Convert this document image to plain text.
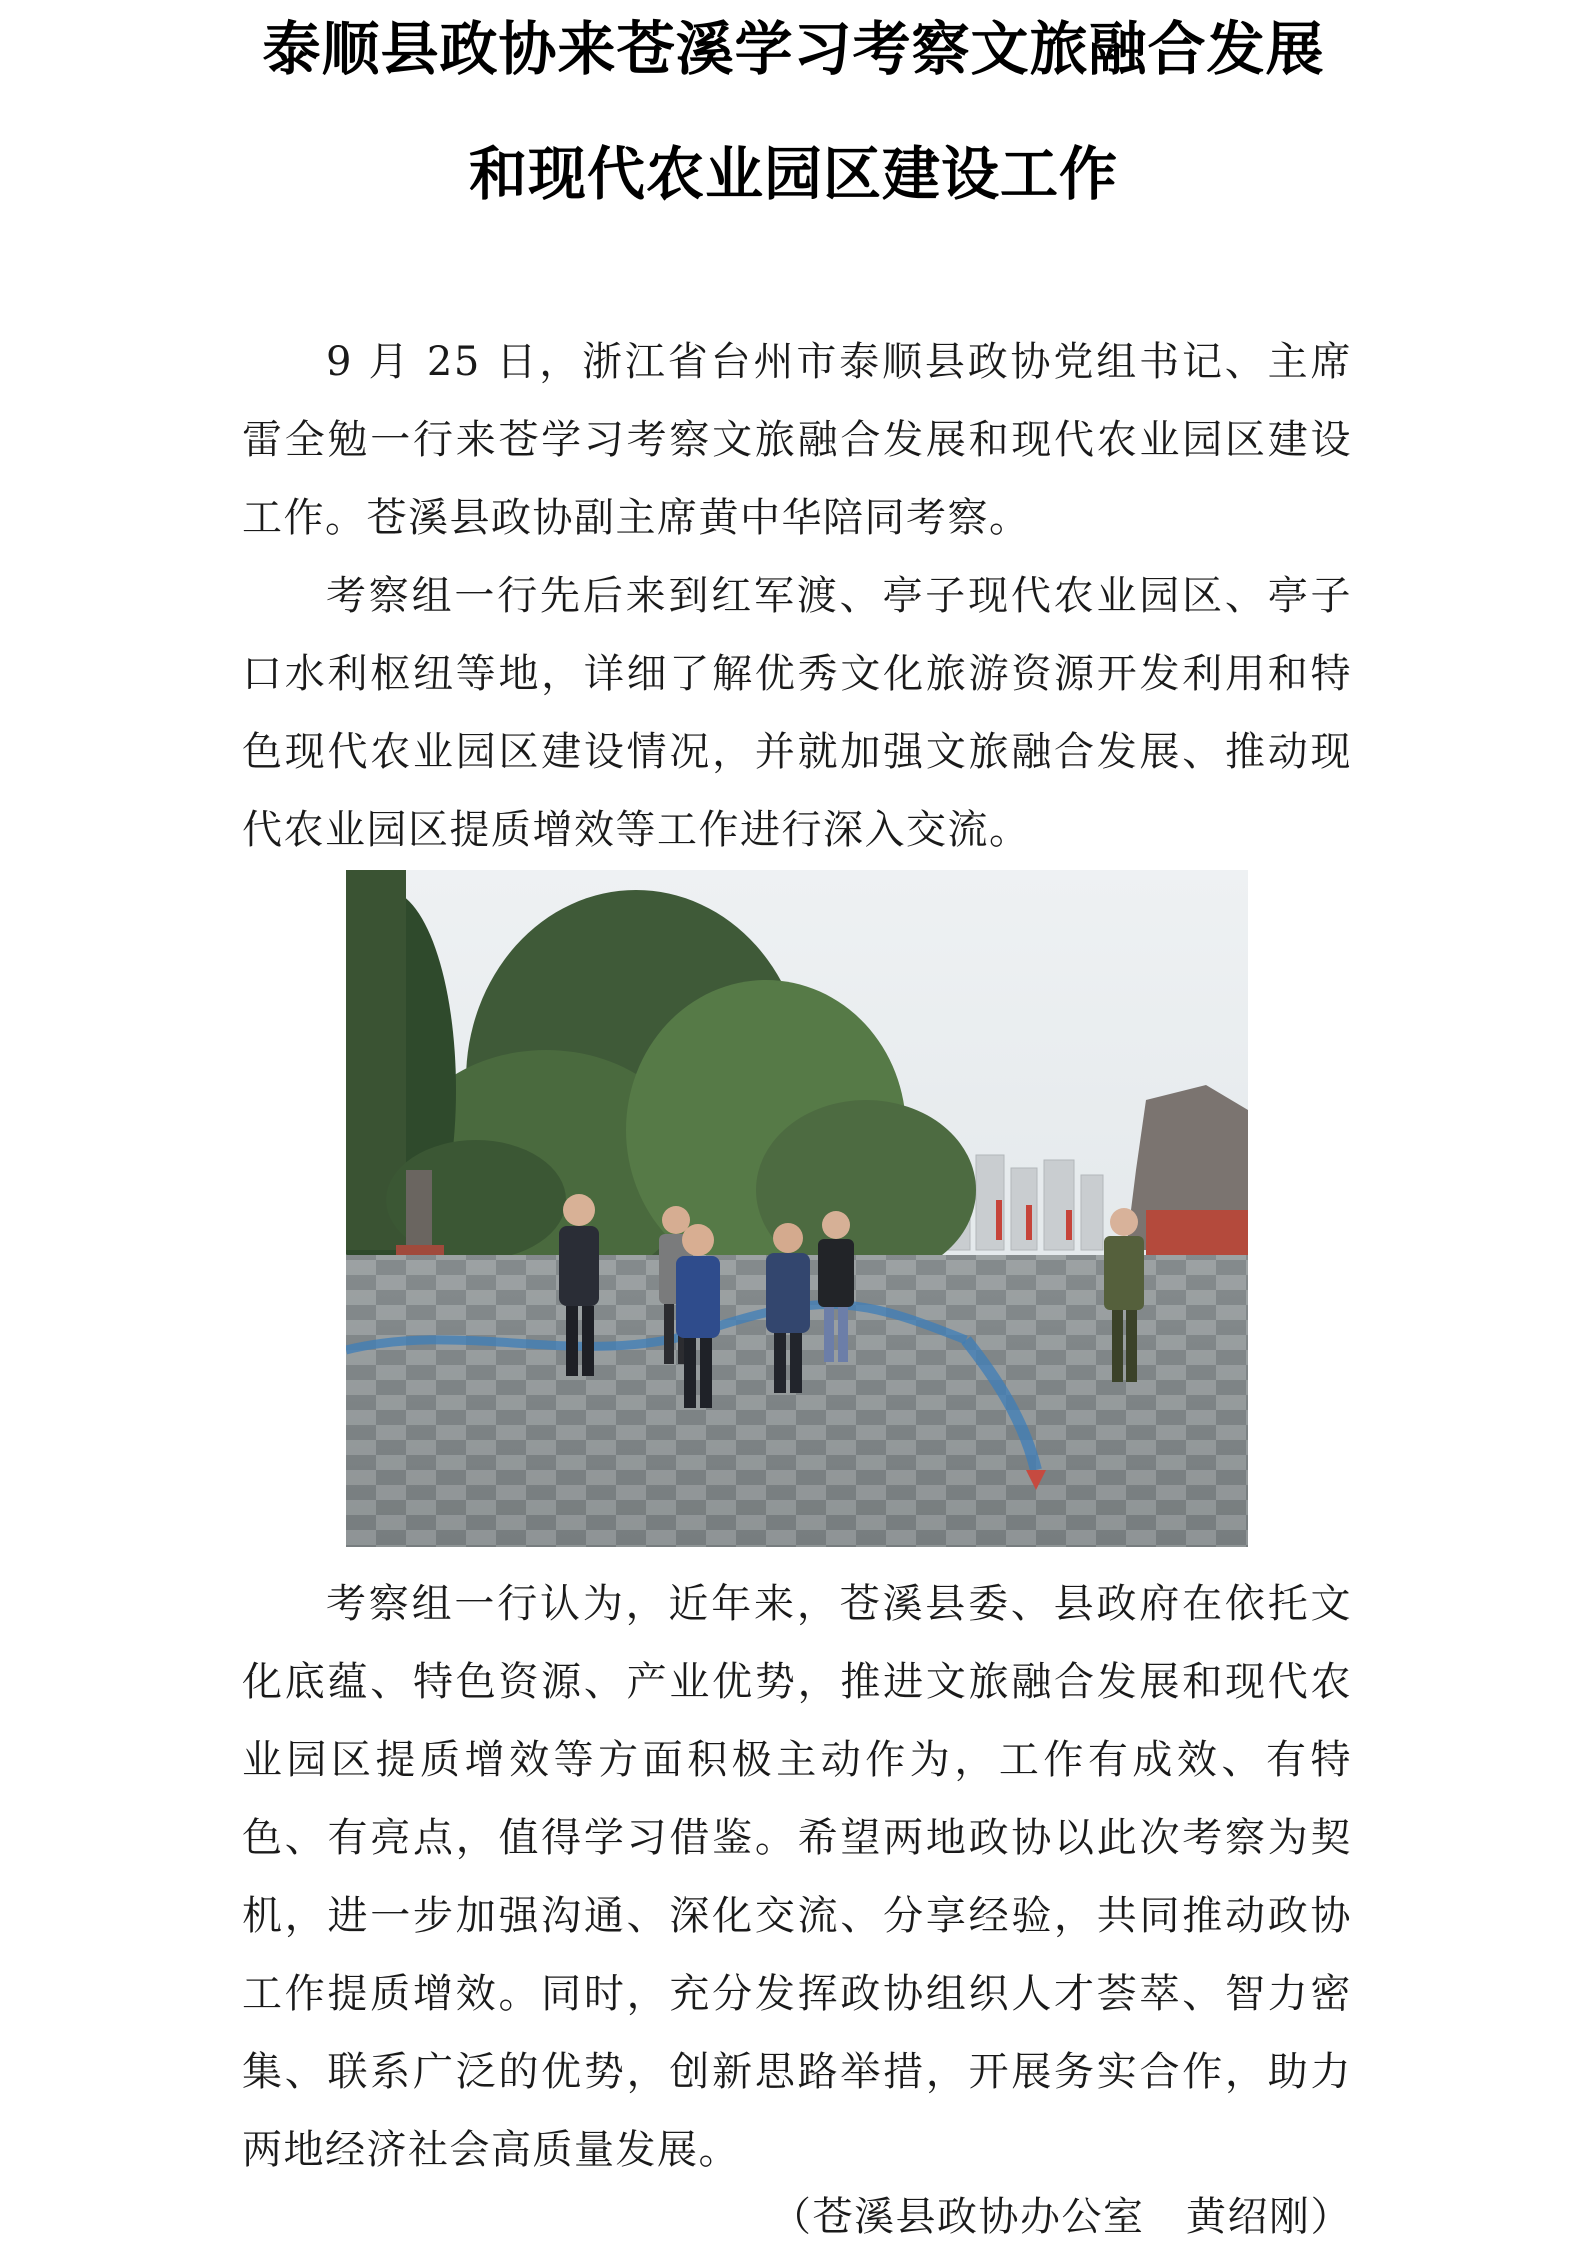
泰顺县政协来苍溪学习考察文旅融合发展
和现代农业园区建设工作

9 月 25 日，浙江省台州市泰顺县政协党组书记、主席雷全勉一行来苍学习考察文旅融合发展和现代农业园区建设工作。苍溪县政协副主席黄中华陪同考察。

考察组一行先后来到红军渡、亭子现代农业园区、亭子口水利枢纽等地，详细了解优秀文化旅游资源开发利用和特色现代农业园区建设情况，并就加强文旅融合发展、推动现代农业园区提质增效等工作进行深入交流。

考察组一行认为，近年来，苍溪县委、县政府在依托文化底蕴、特色资源、产业优势，推进文旅融合发展和现代农业园区提质增效等方面积极主动作为，工作有成效、有特色、有亮点，值得学习借鉴。希望两地政协以此次考察为契机，进一步加强沟通、深化交流、分享经验，共同推动政协工作提质增效。同时，充分发挥政协组织人才荟萃、智力密集、联系广泛的优势，创新思路举措，开展务实合作，助力两地经济社会高质量发展。

（苍溪县政协办公室　黄绍刚）
